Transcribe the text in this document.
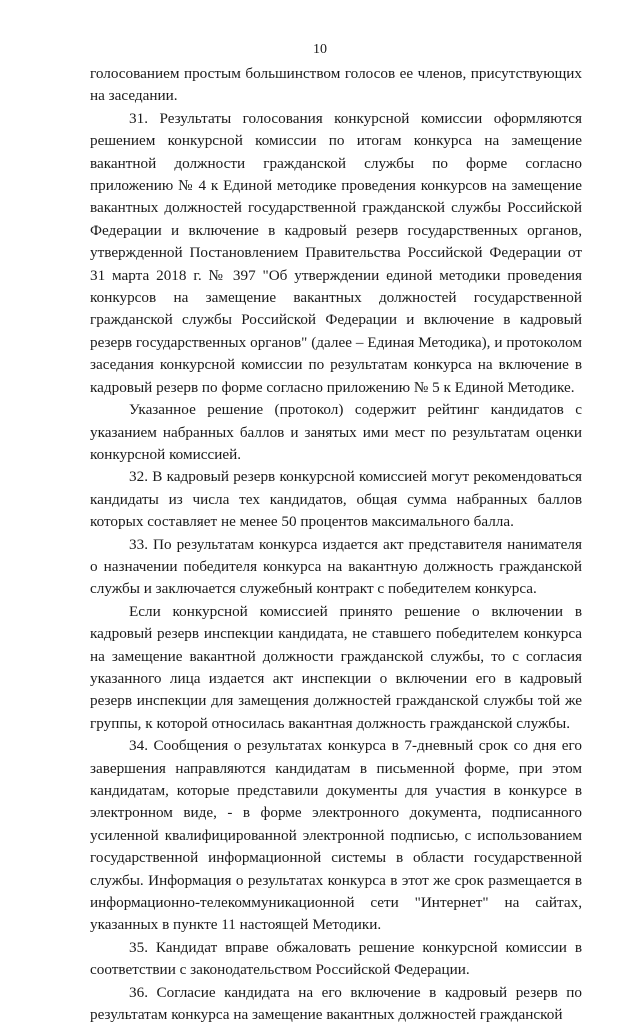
10

голосованием простым большинством голосов ее членов, присутствующих на заседании.

31. Результаты голосования конкурсной комиссии оформляются решением конкурсной комиссии по итогам конкурса на замещение вакантной должности гражданской службы по форме согласно приложению № 4 к Единой методике проведения конкурсов на замещение вакантных должностей государственной гражданской службы Российской Федерации и включение в кадровый резерв государственных органов, утвержденной Постановлением Правительства Российской Федерации от 31 марта 2018 г. № 397 "Об утверждении единой методики проведения конкурсов на замещение вакантных должностей государственной гражданской службы Российской Федерации и включение в кадровый резерв государственных органов" (далее – Единая Методика), и протоколом заседания конкурсной комиссии по результатам конкурса на включение в кадровый резерв по форме согласно приложению № 5 к Единой Методике.

Указанное решение (протокол) содержит рейтинг кандидатов с указанием набранных баллов и занятых ими мест по результатам оценки конкурсной комиссией.

32. В кадровый резерв конкурсной комиссией могут рекомендоваться кандидаты из числа тех кандидатов, общая сумма набранных баллов которых составляет не менее 50 процентов максимального балла.

33. По результатам конкурса издается акт представителя нанимателя о назначении победителя конкурса на вакантную должность гражданской службы и заключается служебный контракт с победителем конкурса.

Если конкурсной комиссией принято решение о включении в кадровый резерв инспекции кандидата, не ставшего победителем конкурса на замещение вакантной должности гражданской службы, то с согласия указанного лица издается акт инспекции о включении его в кадровый резерв инспекции для замещения должностей гражданской службы той же группы, к которой относилась вакантная должность гражданской службы.

34. Сообщения о результатах конкурса в 7-дневный срок со дня его завершения направляются кандидатам в письменной форме, при этом кандидатам, которые представили документы для участия в конкурсе в электронном виде, - в форме электронного документа, подписанного усиленной квалифицированной электронной подписью, с использованием государственной информационной системы в области государственной службы. Информация о результатах конкурса в этот же срок размещается в информационно-телекоммуникационной сети "Интернет" на сайтах, указанных в пункте 11 настоящей Методики.

35. Кандидат вправе обжаловать решение конкурсной комиссии в соответствии с законодательством Российской Федерации.

36. Согласие кандидата на его включение в кадровый резерв по результатам конкурса на замещение вакантных должностей гражданской
